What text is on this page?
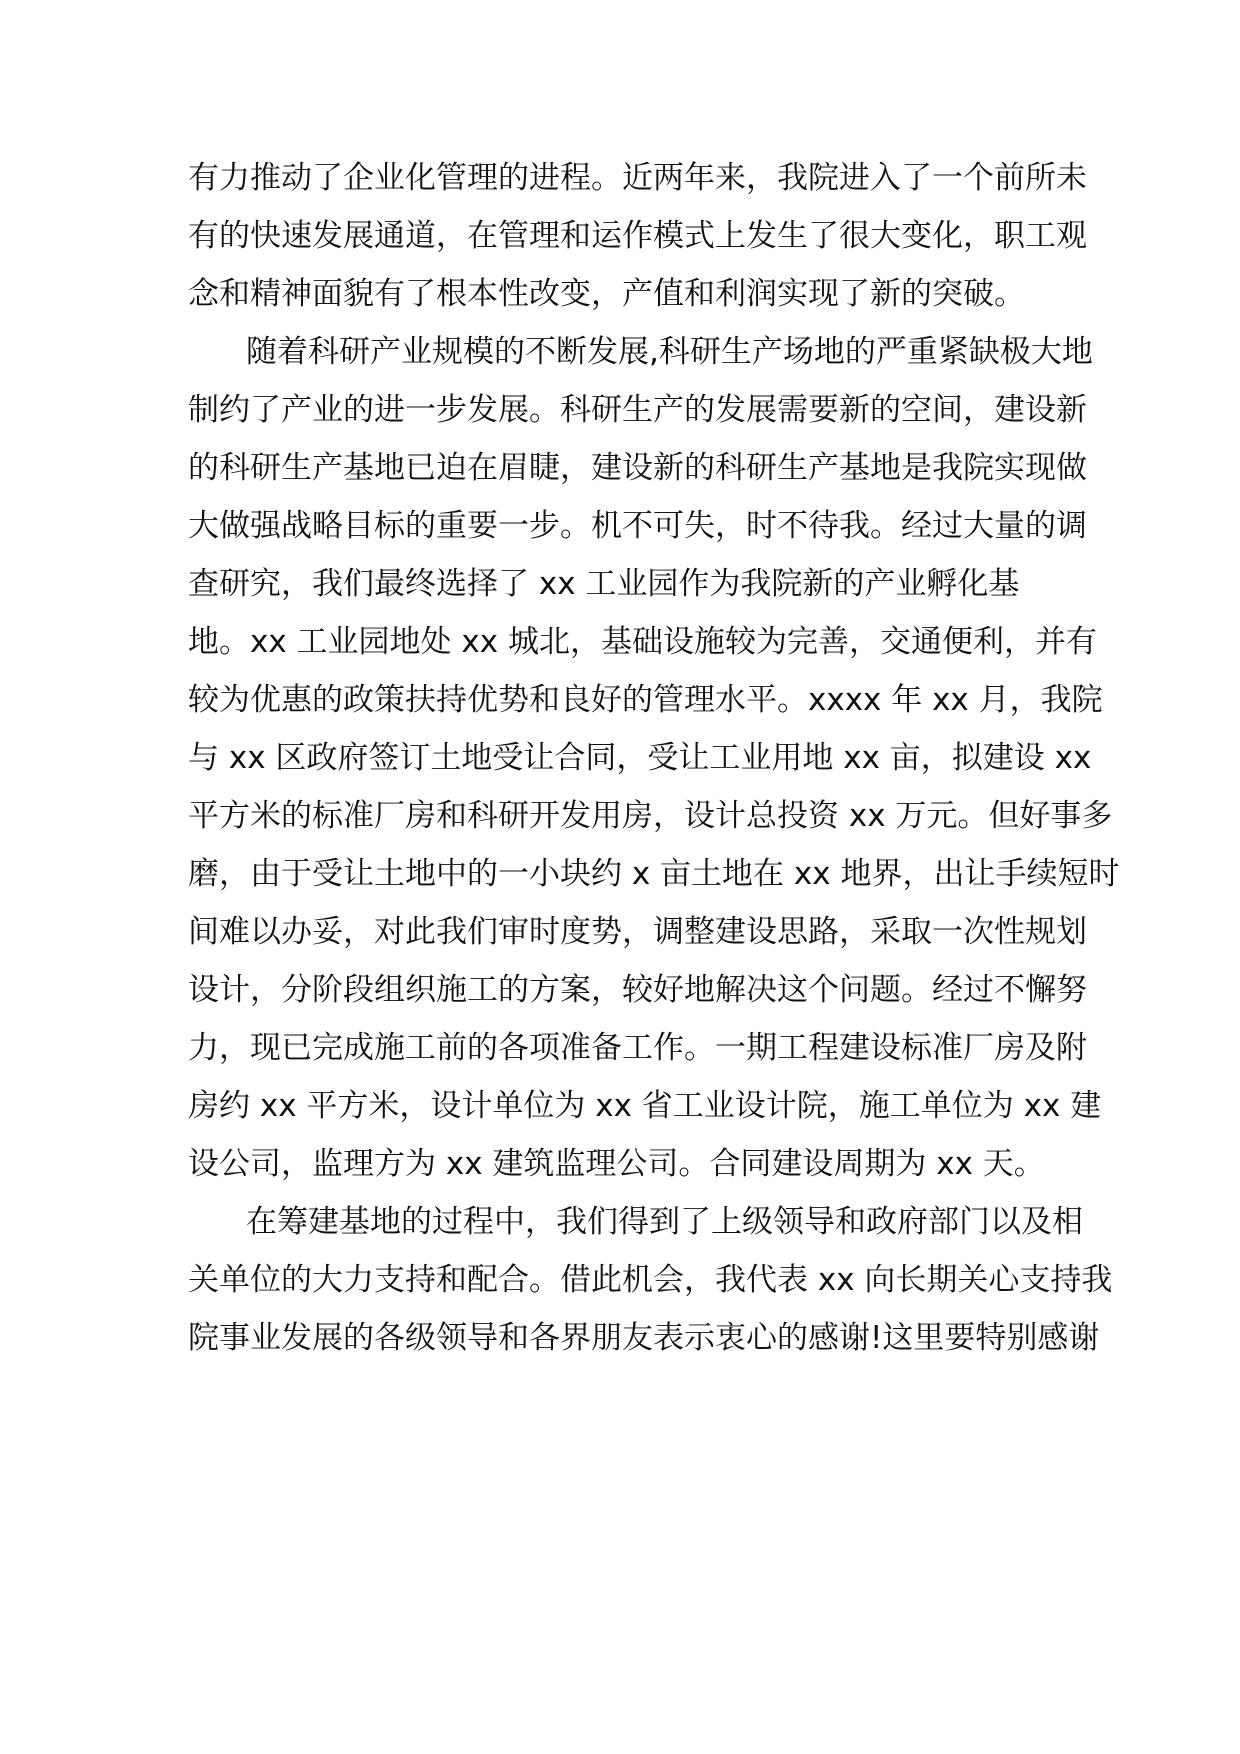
有力推动了企业化管理的进程。近两年来，我院进入了一个前所未
有的快速发展通道，在管理和运作模式上发生了很大变化，职工观
念和精神面貌有了根本性改变，产值和利润实现了新的突破。
随着科研产业规模的不断发展,科研生产场地的严重紧缺极大地
制约了产业的进一步发展。科研生产的发展需要新的空间，建设新
的科研生产基地已迫在眉睫，建设新的科研生产基地是我院实现做
大做强战略目标的重要一步。机不可失，时不待我。经过大量的调
查研究，我们最终选择了 xx 工业园作为我院新的产业孵化基
地。xx 工业园地处 xx 城北，基础设施较为完善，交通便利，并有
较为优惠的政策扶持优势和良好的管理水平。xxxx 年 xx 月，我院
与 xx 区政府签订土地受让合同，受让工业用地 xx 亩，拟建设 xx
平方米的标准厂房和科研开发用房，设计总投资 xx 万元。但好事多
磨，由于受让土地中的一小块约 x 亩土地在 xx 地界，出让手续短时
间难以办妥，对此我们审时度势，调整建设思路，采取一次性规划
设计，分阶段组织施工的方案，较好地解决这个问题。经过不懈努
力，现已完成施工前的各项准备工作。一期工程建设标准厂房及附
房约 xx 平方米，设计单位为 xx 省工业设计院，施工单位为 xx 建
设公司，监理方为 xx 建筑监理公司。合同建设周期为 xx 天。
在筹建基地的过程中，我们得到了上级领导和政府部门以及相
关单位的大力支持和配合。借此机会，我代表 xx 向长期关心支持我
院事业发展的各级领导和各界朋友表示衷心的感谢!这里要特别感谢
